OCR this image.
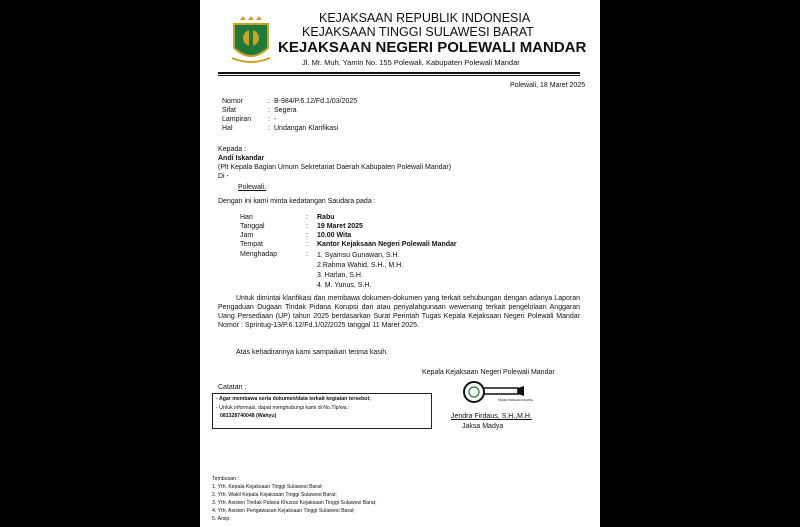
KEJAKSAAN REPUBLIK INDONESIA
KEJAKSAAN TINGGI SULAWESI BARAT
KEJAKSAAN NEGERI POLEWALI MANDAR
Jl. Mr. Muh. Yamin No. 155 Polewali, Kabupaten Polewali Mandar
Polewali, 18 Maret 2025
Nomor	: B-984/P.6.12/Fd.1/03/2025
Sifat	: Segera
Lampiran : -
Hal	: Undangan Klarifikasi
Kepada :
Andi Iskandar
(Plt Kepala Bagian Umum Sekretariat Daerah Kabupaten Polewali Mandar)
Di -
Polewali.
Dengan ini kami minta kedatangan Saudara pada :
Hari	: Rabu
Tanggal	: 19 Maret 2025
Jam	: 10.00 Wita
Tempat	: Kantor Kejaksaan Negeri Polewali Mandar
Menghadap	: 1. Syamsu Gunawan, S.H.
2.Rahma Wahid, S.H., M.H.
3. Harlan, S.H.
4. M. Yunus, S.H.
Untuk dimintai klarifikasi dan membawa dokumen-dokumen yang terkait sehubungan dengan adanya Laporan Pengaduan Dugaan Tindak Pidana Korupsi dan atau penyalahgunaan wewenang terkait pengelolaan Anggaran Uang Persediaan (UP) tahun 2025 berdasarkan Surat Perintah Tugas Kepala Kejaksaan Negeri Polewali Mandar Nomor : Sprintug-13/P.6.12/Fd.1/02/2025 tanggal 11 Maret 2025.
Atas kehadirannya kami sampaikan terima kasih.
Kepala Kejaksaan Negeri Polewali Mandar
TANDA TANGAN DIGITAL
Jendra Firdaus, S.H.,M.H.
Jaksa Madya
Catatan :
- Agar membawa serta dokumen/data terkait kegiatan tersebut;
- Untuk informasi, dapat menghubungi kami di No.Tlp/wa :
081328740048 (Wahyu)
Tembusan :
1. Yth. Kepala Kejaksaan Tinggi Sulawesi Barat;
2. Yth. Wakil Kepala Kejaksaan Tinggi Sulawesi Barat;
3. Yth. Asisten Tindak Pidana Khusus Kejaksaan Tinggi Sulawesi Barat;
4. Yth. Asisten Pengawasan Kejaksaan Tinggi Sulawesi Barat;
5. Arsip.
